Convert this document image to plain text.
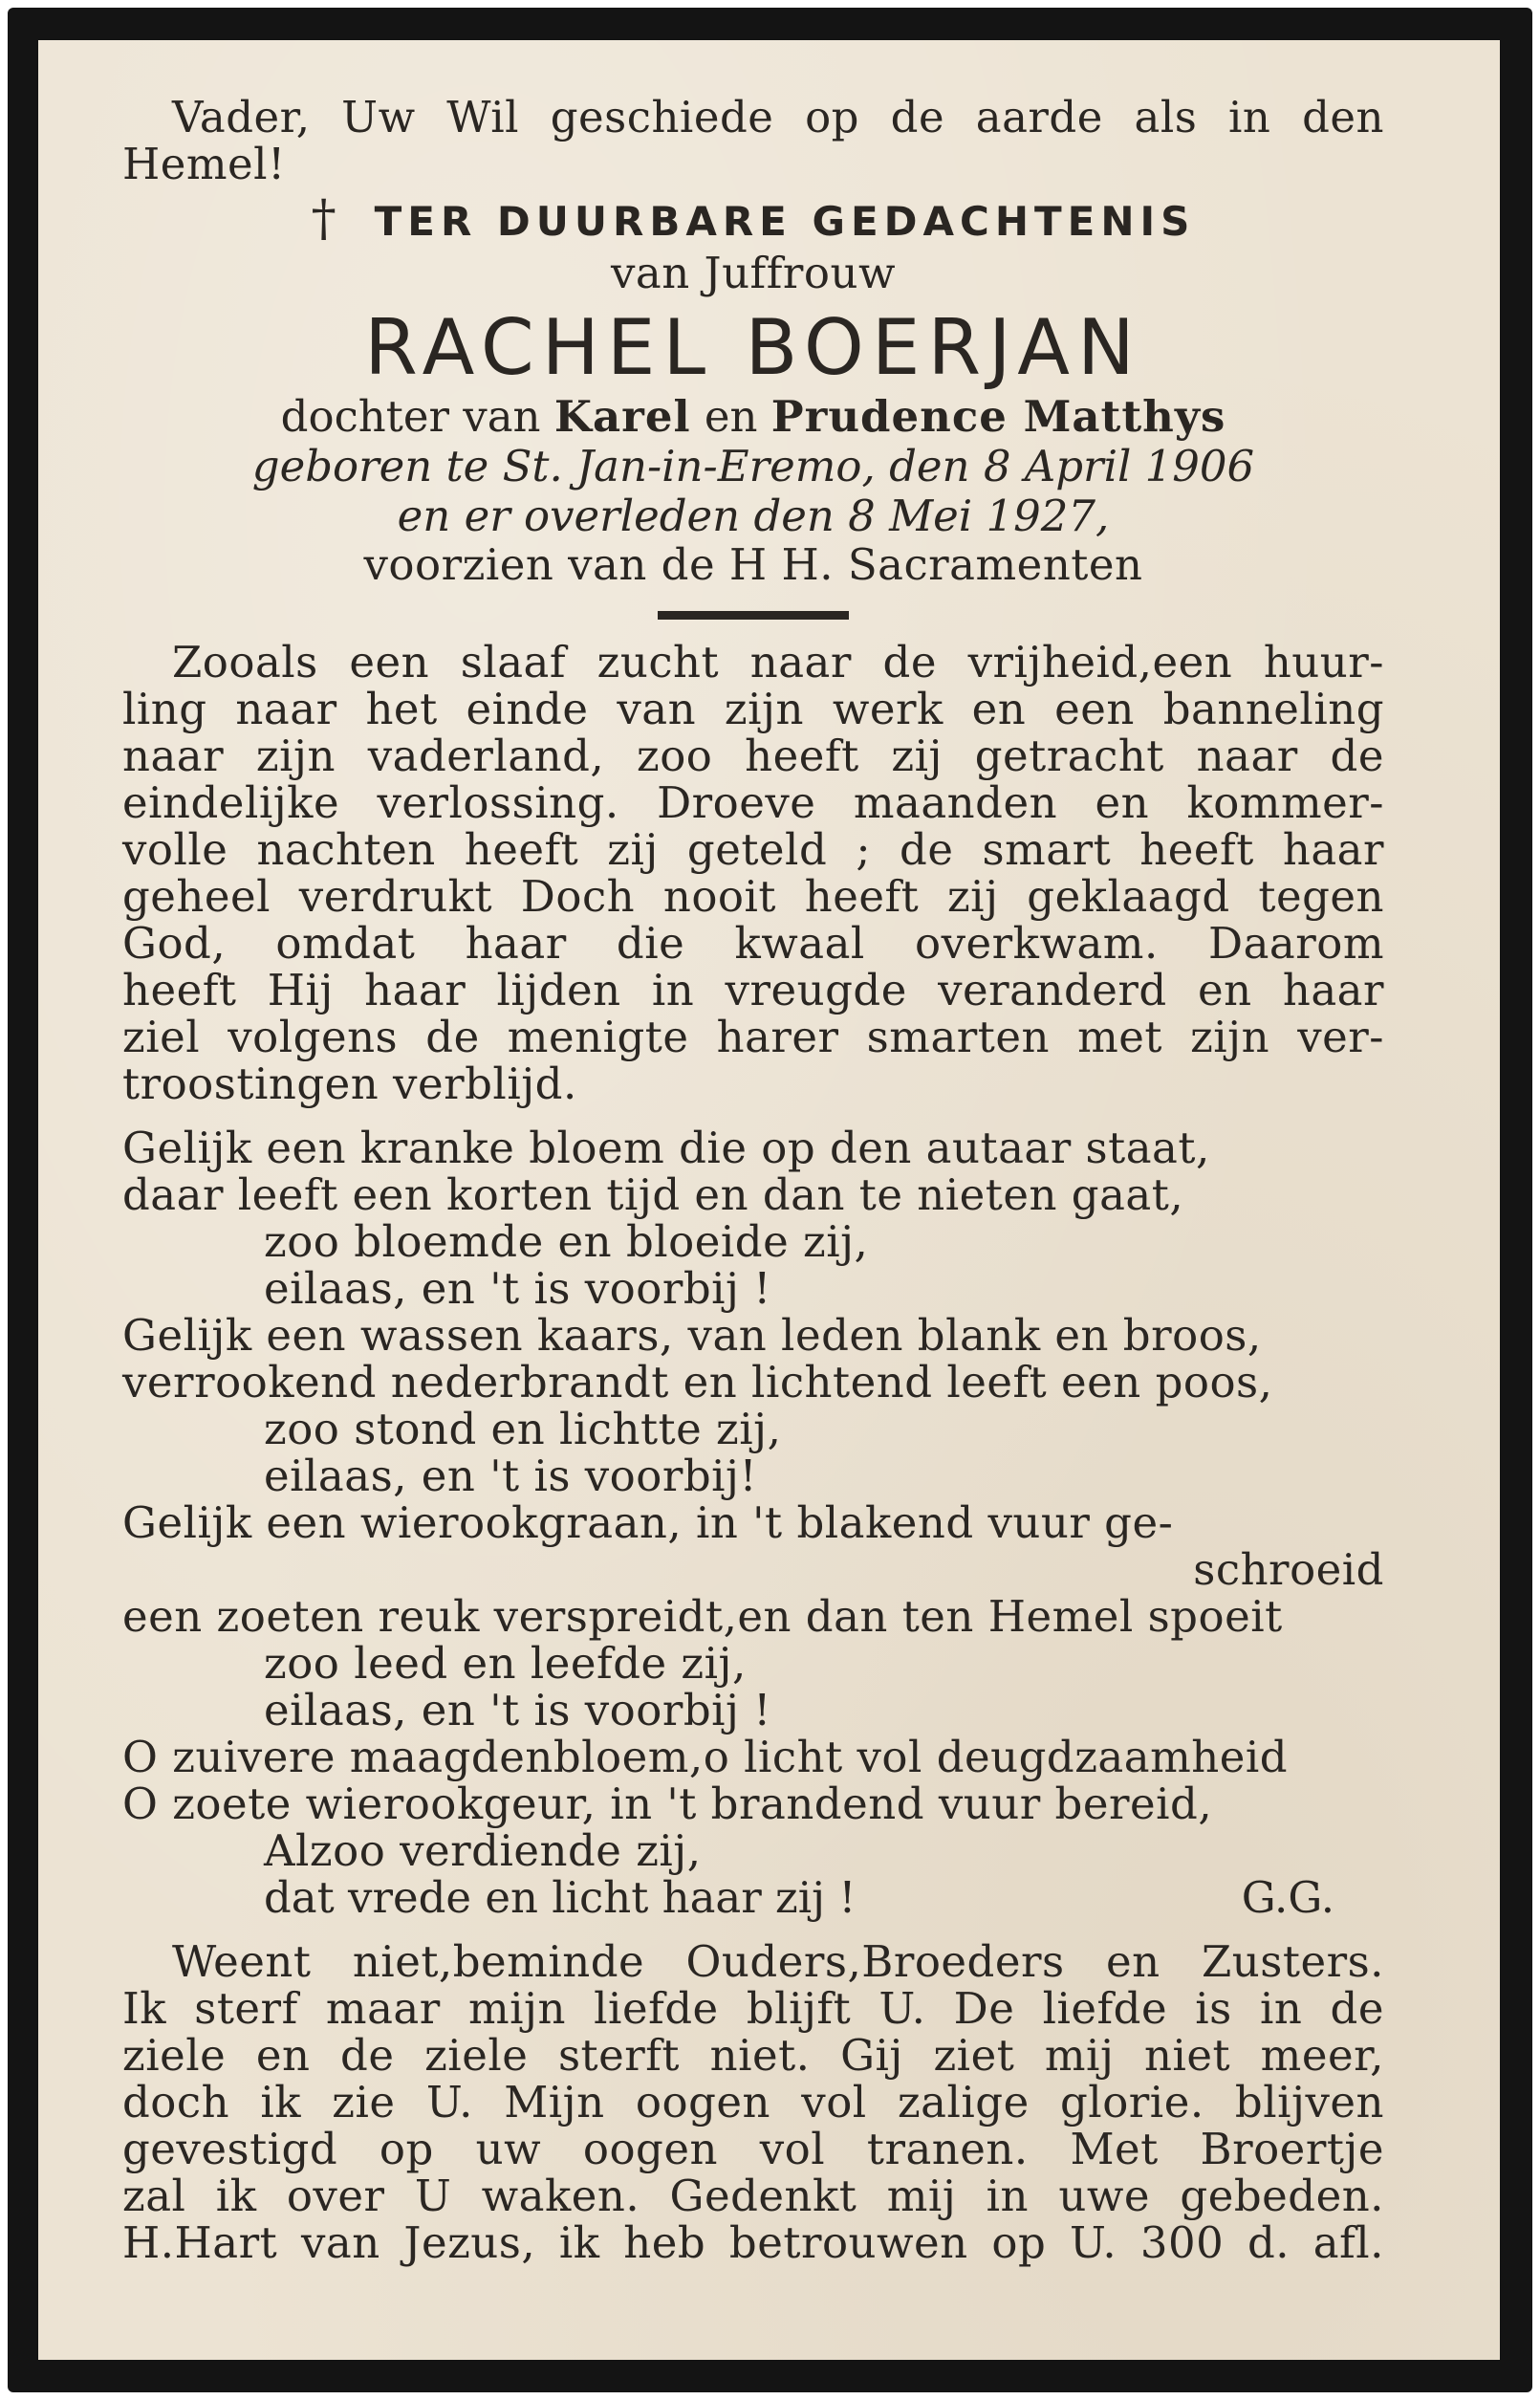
Vader, Uw Wil geschiede op de aarde als in den
Hemel!
† TER DUURBARE GEDACHTENIS
van Juffrouw
RACHEL BOERJAN
dochter van Karel en Prudence Matthys
geboren te St. Jan-in-Eremo, den 8 April 1906
en er overleden den 8 Mei 1927,
voorzien van de H H. Sacramenten
Zooals een slaaf zucht naar de vrijheid,een huur-
ling naar het einde van zijn werk en een banneling
naar zijn vaderland, zoo heeft zij getracht naar de
eindelijke verlossing. Droeve maanden en kommer-
volle nachten heeft zij geteld ; de smart heeft haar
geheel verdrukt Doch nooit heeft zij geklaagd tegen
God, omdat haar die kwaal overkwam. Daarom
heeft Hij haar lijden in vreugde veranderd en haar
ziel volgens de menigte harer smarten met zijn ver-
troostingen verblijd.
Gelijk een kranke bloem die op den autaar staat,
daar leeft een korten tijd en dan te nieten gaat,
zoo bloemde en bloeide zij,
eilaas, en 't is voorbij !
Gelijk een wassen kaars, van leden blank en broos,
verrookend nederbrandt en lichtend leeft een poos,
zoo stond en lichtte zij,
eilaas, en 't is voorbij!
Gelijk een wierookgraan, in 't blakend vuur ge-
schroeid
een zoeten reuk verspreidt,en dan ten Hemel spoeit
zoo leed en leefde zij,
eilaas, en 't is voorbij !
O zuivere maagdenbloem,o licht vol deugdzaamheid
O zoete wierookgeur, in 't brandend vuur bereid,
Alzoo verdiende zij,
dat vrede en licht haar zij !	G.G.
Weent niet,beminde Ouders,Broeders en Zusters.
Ik sterf maar mijn liefde blijft U. De liefde is in de
ziele en de ziele sterft niet. Gij ziet mij niet meer,
doch ik zie U. Mijn oogen vol zalige glorie. blijven
gevestigd op uw oogen vol tranen. Met Broertje
zal ik over U waken. Gedenkt mij in uwe gebeden.
H.Hart van Jezus, ik heb betrouwen op U. 300 d. afl.
